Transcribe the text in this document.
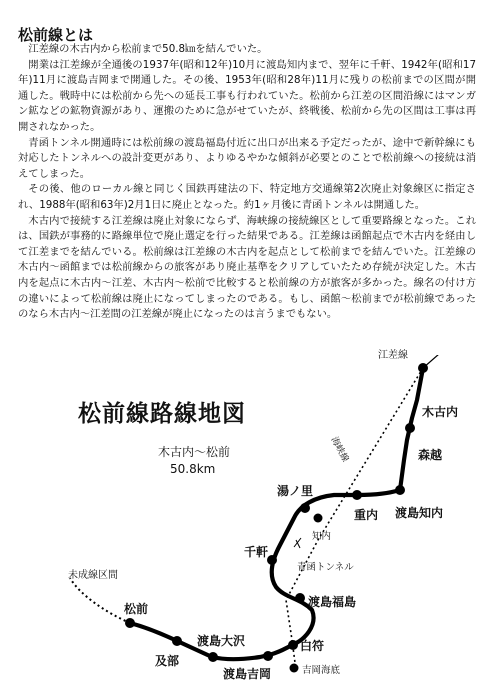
松前線とは

江差線の木古内から松前まで50.8㎞を結んでいた。

開業は江差線が全通後の1937年(昭和12年)10月に渡島知内まで、翌年に千軒、1942年(昭和17年)11月に渡島吉岡まで開通した。その後、1953年(昭和28年)11月に残りの松前までの区間が開通した。戦時中には松前から先への延長工事も行われていた。松前から江差の区間沿線にはマンガン鉱などの鉱物資源があり、運搬のために急がせていたが、終戦後、松前から先の区間は工事は再開されなかった。

青函トンネル開通時には松前線の渡島福島付近に出口が出来る予定だったが、途中で新幹線にも対応したトンネルへの設計変更があり、よりゆるやかな傾斜が必要とのことで松前線への接続は消えてしまった。

その後、他のローカル線と同じく国鉄再建法の下、特定地方交通線第2次廃止対象線区に指定され、1988年(昭和63年)2月1日に廃止となった。約1ヶ月後に青函トンネルは開通した。

木古内で接続する江差線は廃止対象にならず、海峡線の接続線区として重要路線となった。これは、国鉄が事務的に路線単位で廃止選定を行った結果である。江差線は函館起点で木古内を経由して江差までを結んでいる。松前線は江差線の木古内を起点として松前までを結んでいた。江差線の木古内〜函館までは松前線からの旅客があり廃止基準をクリアしていたため存続が決定した。木古内を起点に木古内〜江差、木古内〜松前で比較すると松前線の方が旅客が多かった。線名の付け方の違いによって松前線は廃止になってしまったのである。もし、函館〜松前までが松前線であったのなら木古内〜江差間の江差線が廃止になったのは言うまでもない。

松前線路線地図
木古内～松前
50.8km
江差線
海峡線
未成線区間
青函トンネル
木古内
森越
渡島知内
重内
湯ノ里
千軒
渡島福島
白符
渡島吉岡
渡島大沢
及部
松前
知内
吉岡海底
